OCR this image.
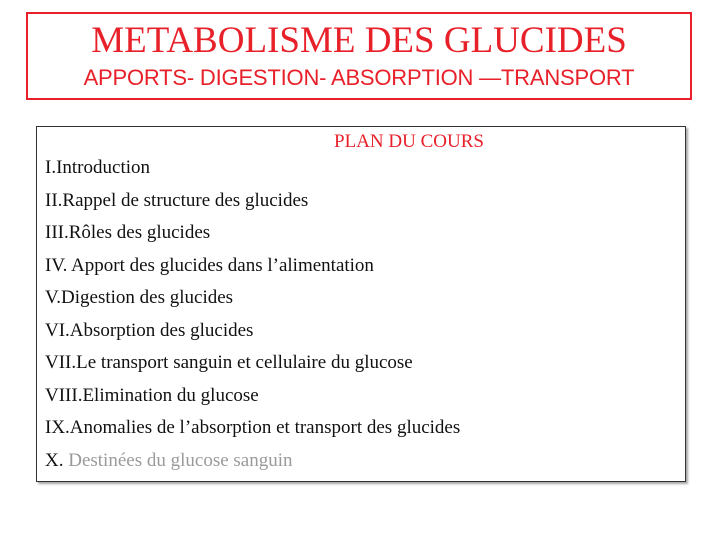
METABOLISME DES GLUCIDES
APPORTS- DIGESTION- ABSORPTION —TRANSPORT
PLAN DU COURS
I.Introduction
II.Rappel de structure des glucides
III.Rôles des glucides
IV. Apport des glucides dans l’alimentation
V.Digestion des glucides
VI.Absorption des glucides
VII.Le transport sanguin et cellulaire du glucose
VIII.Elimination du glucose
IX.Anomalies de l’absorption et transport des glucides
X. Destinées du glucose sanguin
